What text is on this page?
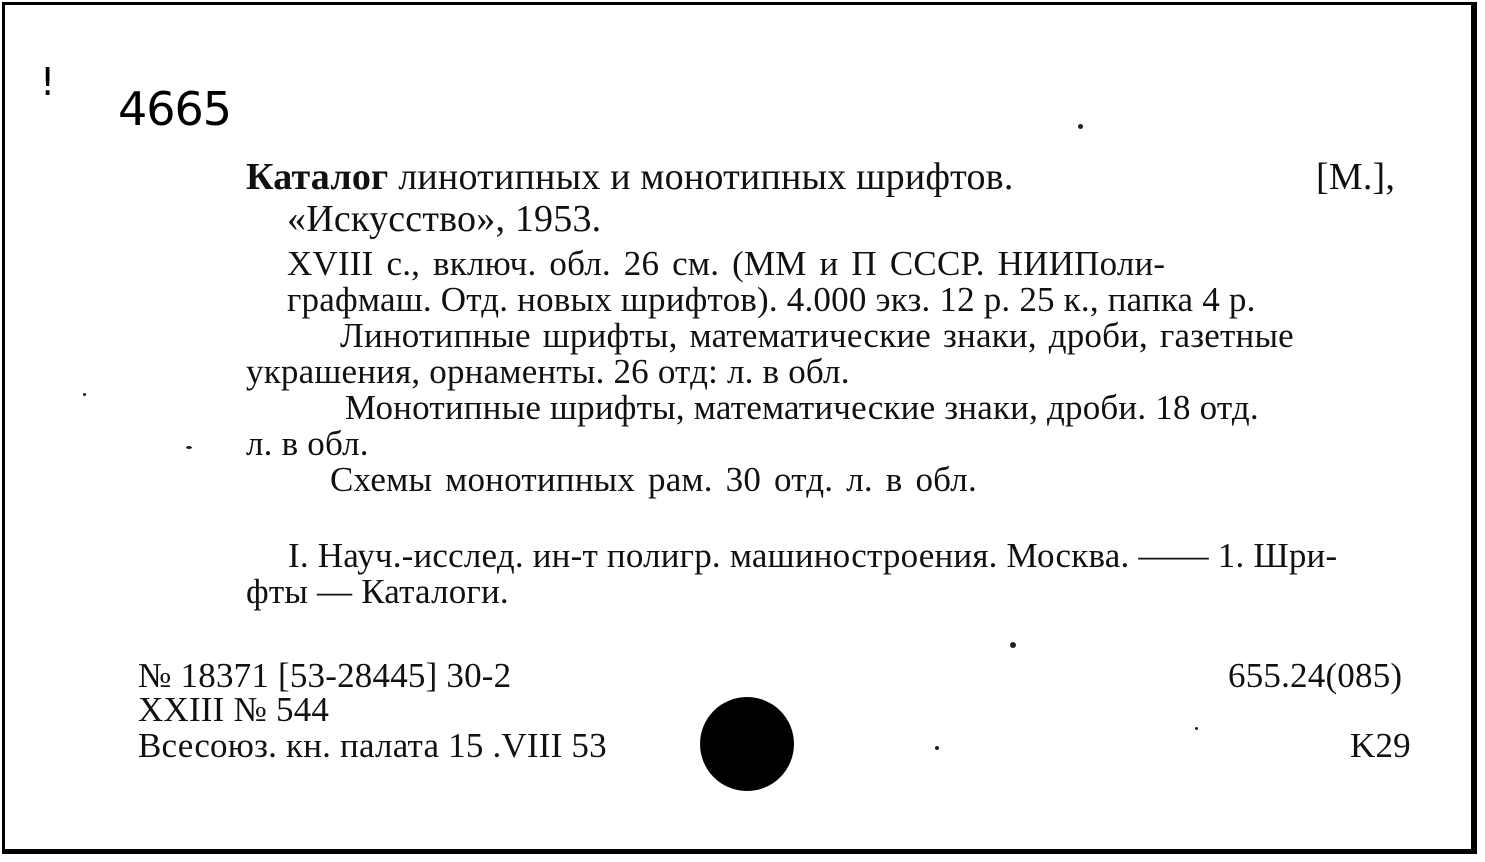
! 4665
Каталог линотипных и монотипных шрифтов.	[М.],
«Искусство», 1953.
XVIII с., включ. обл. 26 см. (ММ и П СССР. НИИПоли-
графмаш. Отд. новых шрифтов). 4.000 экз. 12 р. 25 к., папка 4 р.
Линотипные шрифты, математические знаки, дроби, газетные
украшения, орнаменты. 26 отд: л. в обл.
Монотипные шрифты, математические знаки, дроби. 18 отд.
л. в обл.
Схемы монотипных рам. 30 отд. л. в обл.
I. Науч.-исслед. ин-т полигр. машиностроения. Москва. —— 1. Шри-
фты — Каталоги.
№ 18371 [53-28445] 30-2
XXIII № 544
Всесоюз. кн. палата 15 .VIII 53
655.24(085)
K29
